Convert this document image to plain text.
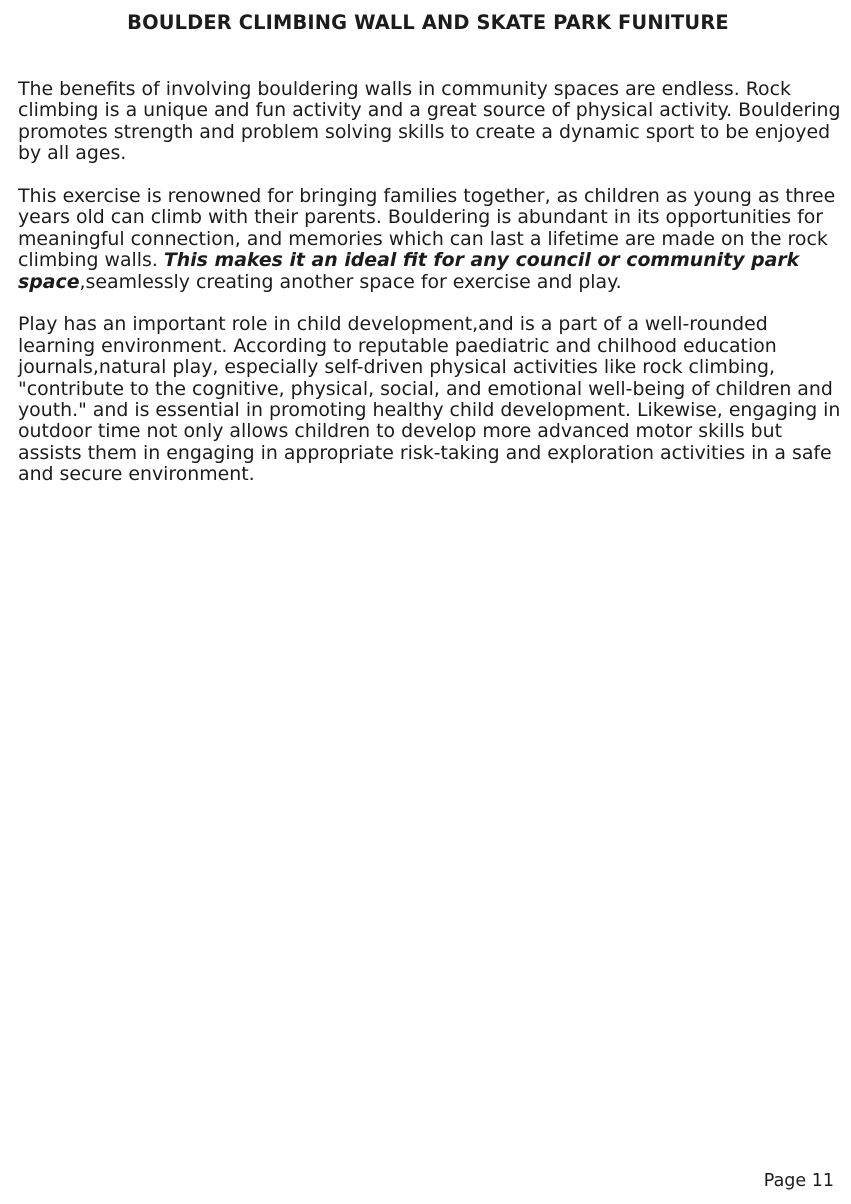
BOULDER CLIMBING WALL AND SKATE PARK FUNITURE

The benefits of involving bouldering walls in community spaces are endless. Rock climbing is a unique and fun activity and a great source of physical activity. Bouldering promotes strength and problem solving skills to create a dynamic sport to be enjoyed by all ages.

This exercise is renowned for bringing families together, as children as young as three years old can climb with their parents. Bouldering is abundant in its opportunities for meaningful connection, and memories which can last a lifetime are made on the rock climbing walls. This makes it an ideal fit for any council or community park space,seamlessly creating another space for exercise and play.

Play has an important role in child development,and is a part of a well-rounded learning environment. According to reputable paediatric and chilhood education journals,natural play, especially self-driven physical activities like rock climbing, "contribute to the cognitive, physical, social, and emotional well-being of children and youth." and is essential in promoting healthy child development. Likewise, engaging in outdoor time not only allows children to develop more advanced motor skills but assists them in engaging in appropriate risk-taking and exploration activities in a safe and secure environment.

Page 11
